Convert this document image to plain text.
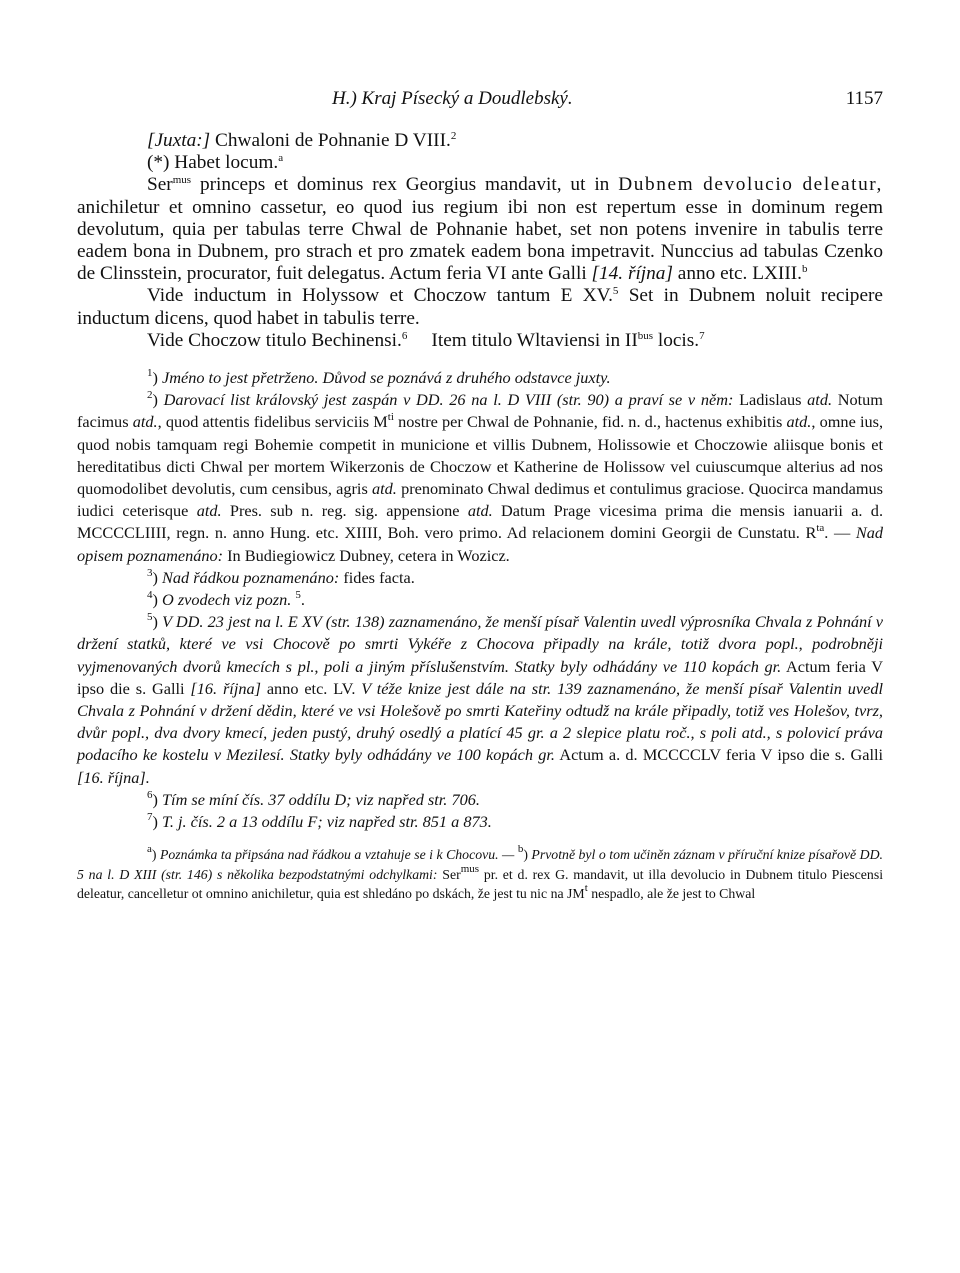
H.) Kraj Písecký a Doudlebský.	1157

[Juxta:] Chwaloni de Pohnanie D VIII.$^2$

(*) Habet locum.$^a$

Ser$^{mus}$ princeps et dominus rex Georgius mandavit, ut in Dubnem devolucio deleatur, anichiletur et omnino cassetur, eo quod ius regium ibi non est repertum esse in dominum regem devolutum, quia per tabulas terre Chwal de Pohnanie habet, set non potens invenire in tabulis terre eadem bona in Dubnem, pro strach et pro zmatek eadem bona impetravit. Nunccius ad tabulas Czenko de Clinsstein, procurator, fuit delegatus. Actum feria VI ante Galli [14. října] anno etc. LXIII.$^b$

Vide inductum in Holyssow et Choczow tantum E XV.$^5$ Set in Dubnem noluit recipere inductum dicens, quod habet in tabulis terre.

Vide Choczow titulo Bechinensi.$^6$ Item titulo Wltaviensi in $II^{bus}$ locis.$^7$

$^1$) Jméno to jest přetrženo. Důvod se poznává z druhého odstavce juxty.

$^2$) Darovací list královský jest zaspán v DD. 26 na l. D VIII (str. 90) a praví se v něm: Ladislaus atd. Notum facimus atd., quod attentis fidelibus serviciis $M^{ti}$ nostre per Chwal de Pohnanie, fid. n. d., hactenus exhibitis atd., omne ius, quod nobis tamquam regi Bohemie competit in municione et villis Dubnem, Holissowie et Choczowie aliisque bonis et hereditatibus dicti Chwal per mortem Wikerzonis de Choczow et Katherine de Holissow vel cuiuscumque alterius ad nos quomodolibet devolutis, cum censibus, agris atd. prenominato Chwal dedimus et contulimus graciose. Quocirca mandamus iudici ceterisque atd. Pres. sub n. reg. sig. appensione atd. Datum Prage vicesima prima die mensis ianuarii a. d. MCCCCLIIII, regn. n. anno Hung. etc. XIIII, Boh. vero primo. Ad relacionem domini Georgii de Cunstatu. $R^{ta}$. — Nad opisem poznamenáno: In Budiegiowicz Dubney, cetera in Wozicz.

$^3$) Nad řádkou poznamenáno: fides facta.

$^4$) O zvodech viz pozn. $^5$.

$^5$) V DD. 23 jest na l. E XV (str. 138) zaznamenáno, že menší písař Valentin uvedl výprosníka Chvala z Pohnání v držení statků, které ve vsi Chocově po smrti Vykéře z Chocova připadly na krále, totiž dvora popl., podrobněji vyjmenovaných dvorů kmecích s pl., poli a jiným příslušenstvím. Statky byly odhádány ve 110 kopách gr. Actum feria V ipso die s. Galli [16. října] anno etc. LV. V téže knize jest dále na str. 139 zaznamenáno, že menší písař Valentin uvedl Chvala z Pohnání v držení dědin, které ve vsi Holešově po smrti Kateřiny odtudž na krále připadly, totiž ves Holešov, tvrz, dvůr popl., dva dvory kmecí, jeden pustý, druhý osedlý a platící 45 gr. a 2 slepice platu roč., s poli atd., s polovicí práva podacího ke kostelu v Mezilesí. Statky byly odhádány ve 100 kopách gr. Actum a. d. MCCCCLV feria V ipso die s. Galli [16. října].

$^6$) Tím se míní čís. 37 oddílu D; viz napřed str. 706.

$^7$) T. j. čís. 2 a 13 oddílu F; viz napřed str. 851 a 873.

$^a$) Poznámka ta připsána nad řádkou a vztahuje se i k Chocovu. — $^b$) Prvotně byl o tom učiněn záznam v příruční knize písařově DD. 5 na l. D XIII (str. 146) s několika bezpodstatnými odchylkami: Ser$^{mus}$ pr. et d. rex G. mandavit, ut illa devolucio in Dubnem titulo Piescensi deleatur, cancelletur ot omnino anichiletur, quia est shledáno po dskách, že jest tu nic na $JM^t$ nespadlo, ale že jest to Chwal
